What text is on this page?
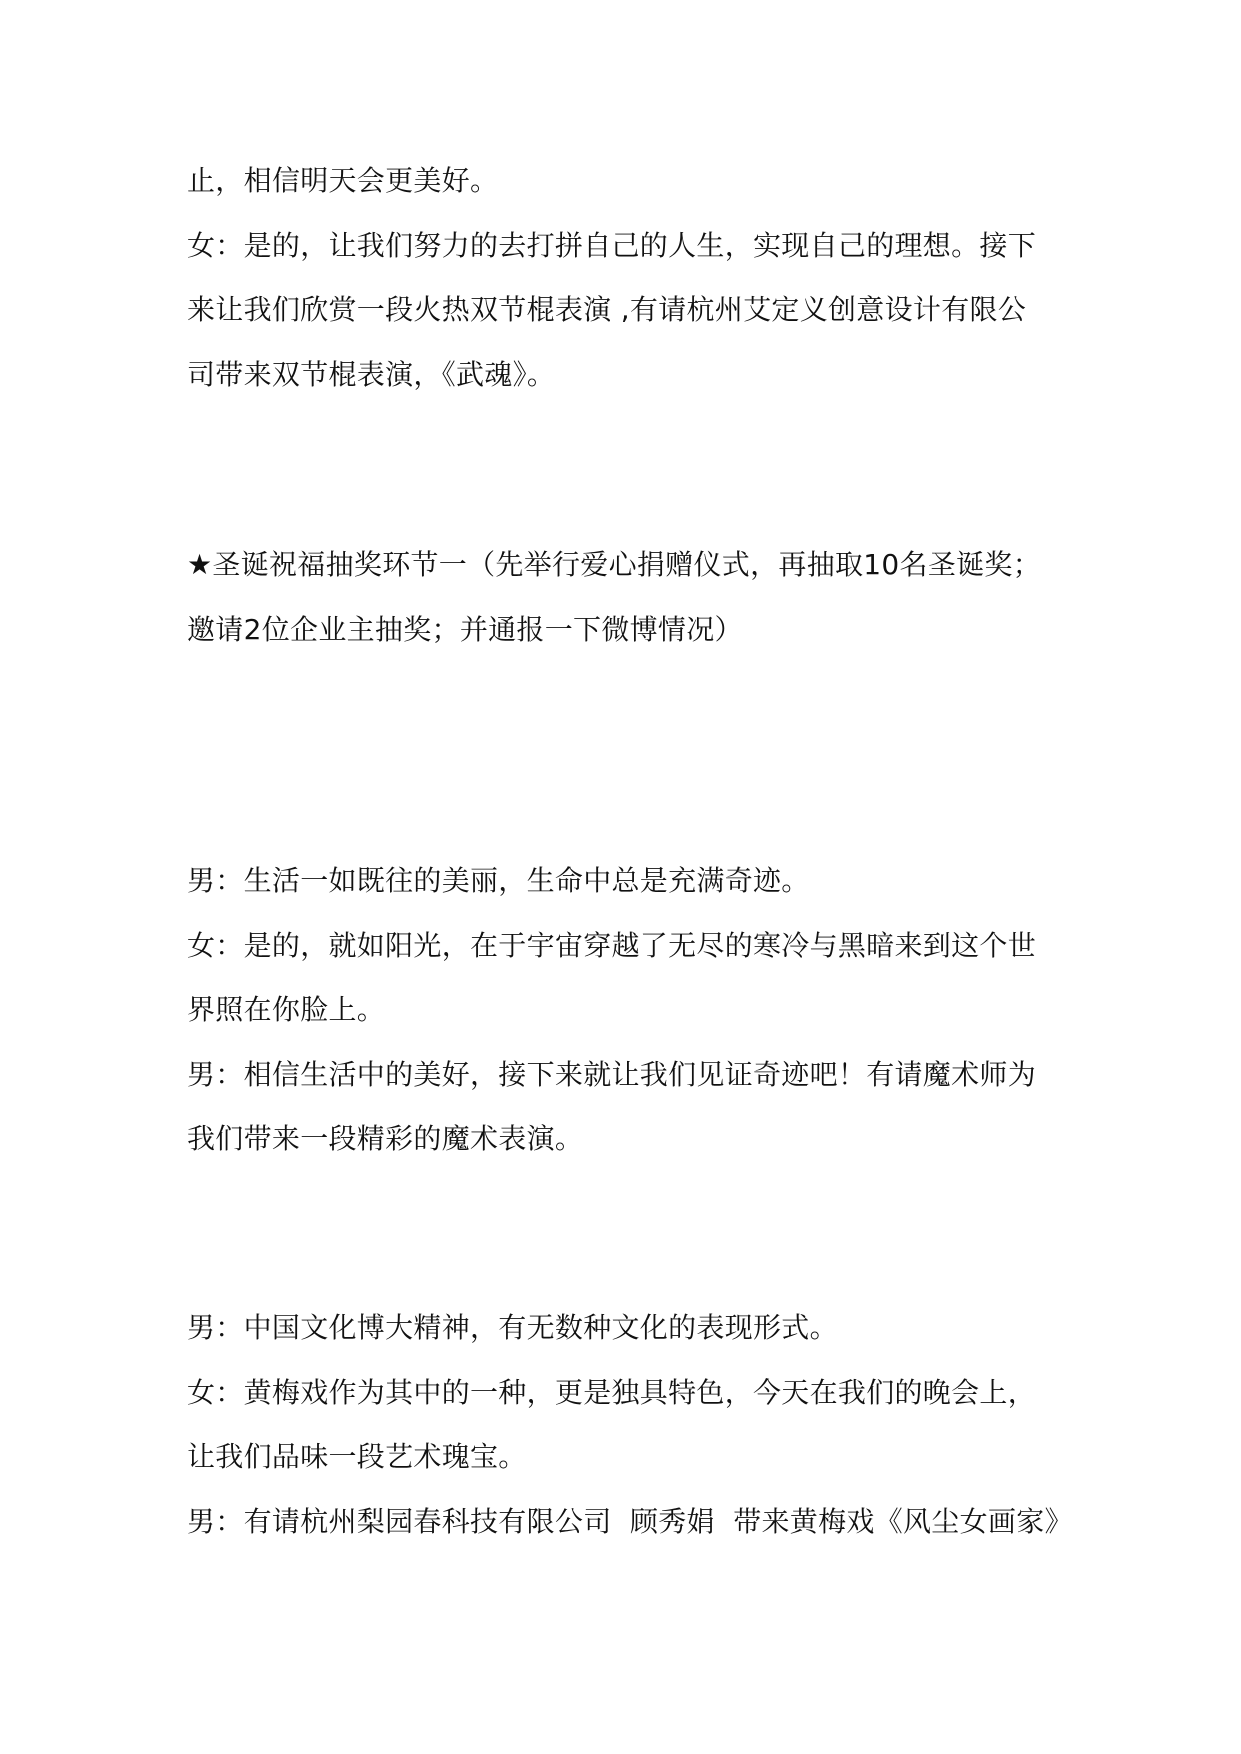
止，相信明天会更美好。
女：是的，让我们努力的去打拼自己的人生，实现自己的理想。接下
来让我们欣赏一段火热双节棍表演 ,有请杭州艾定义创意设计有限公
司带来双节棍表演，《武魂》。
★圣诞祝福抽奖环节一（先举行爱心捐赠仪式，再抽取10名圣诞奖；
邀请2位企业主抽奖；并通报一下微博情况）
男：生活一如既往的美丽，生命中总是充满奇迹。
女：是的，就如阳光，在于宇宙穿越了无尽的寒冷与黑暗来到这个世
界照在你脸上。
男：相信生活中的美好，接下来就让我们见证奇迹吧！有请魔术师为
我们带来一段精彩的魔术表演。
男：中国文化博大精神，有无数种文化的表现形式。
女：黄梅戏作为其中的一种，更是独具特色，今天在我们的晚会上，
让我们品味一段艺术瑰宝。
男：有请杭州梨园春科技有限公司  顾秀娟  带来黄梅戏《风尘女画家》
